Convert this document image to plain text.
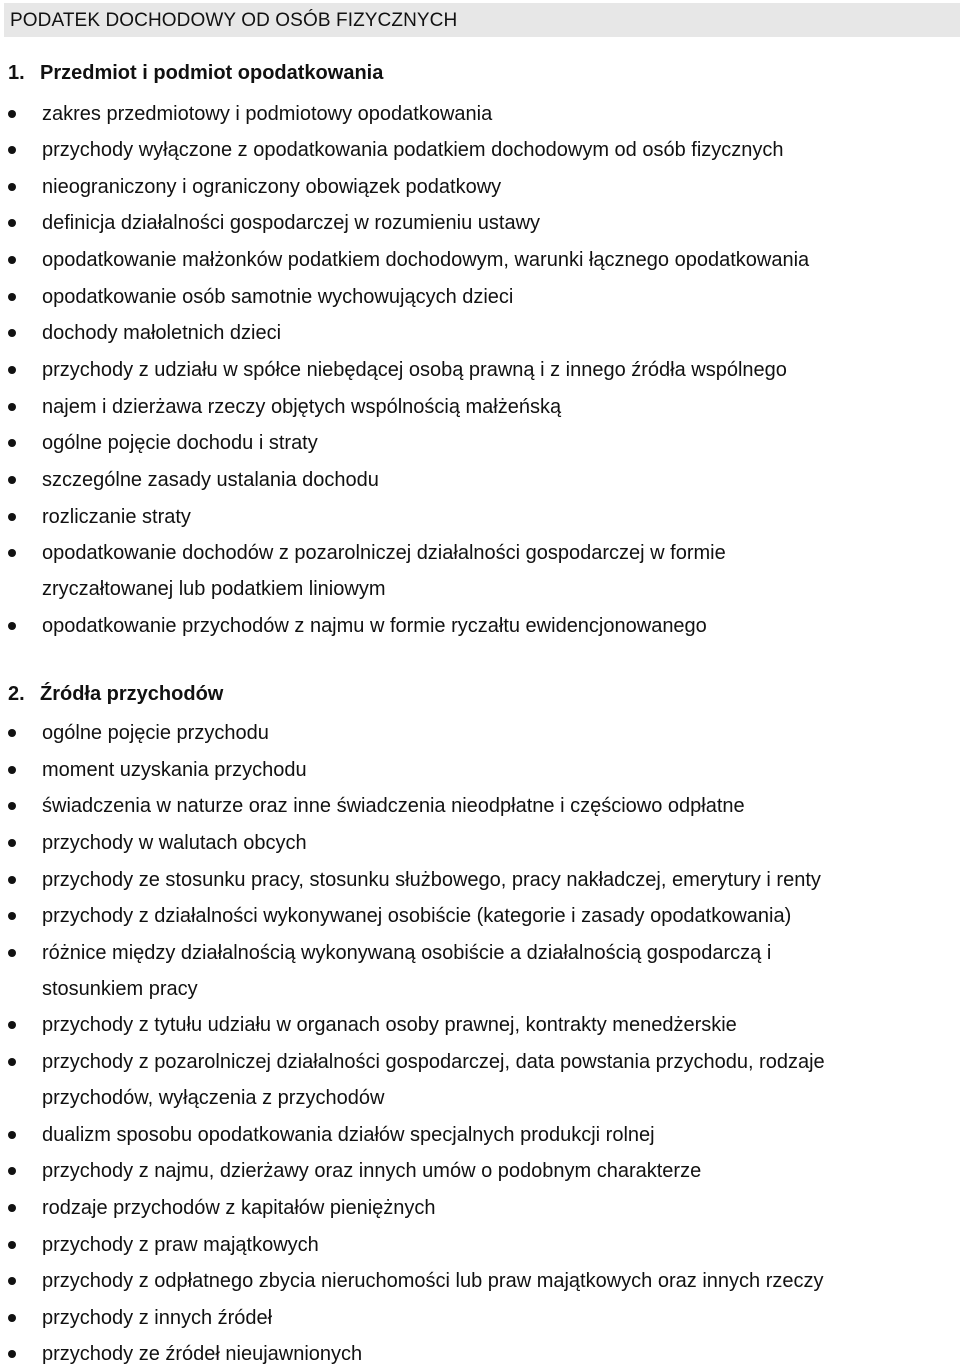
PODATEK DOCHODOWY OD OSÓB FIZYCZNYCH
1. Przedmiot i podmiot opodatkowania
zakres przedmiotowy i podmiotowy opodatkowania
przychody wyłączone z opodatkowania podatkiem dochodowym od osób fizycznych
nieograniczony i ograniczony obowiązek podatkowy
definicja działalności gospodarczej w rozumieniu ustawy
opodatkowanie małżonków podatkiem dochodowym, warunki łącznego opodatkowania
opodatkowanie osób samotnie wychowujących dzieci
dochody małoletnich dzieci
przychody z udziału w spółce niebędącej osobą prawną i z innego źródła wspólnego
najem i dzierżawa rzeczy objętych wspólnością małżeńską
ogólne pojęcie dochodu i straty
szczególne zasady ustalania dochodu
rozliczanie straty
opodatkowanie dochodów z pozarolniczej działalności gospodarczej w formie
zryczałtowanej lub podatkiem liniowym
opodatkowanie przychodów z najmu w formie ryczałtu ewidencjonowanego
2. Źródła przychodów
ogólne pojęcie przychodu
moment uzyskania przychodu
świadczenia w naturze oraz inne świadczenia nieodpłatne i częściowo odpłatne
przychody w walutach obcych
przychody ze stosunku pracy, stosunku służbowego, pracy nakładczej, emerytury i renty
przychody z działalności wykonywanej osobiście (kategorie i zasady opodatkowania)
różnice między działalnością wykonywaną osobiście a działalnością gospodarczą i
stosunkiem pracy
przychody z tytułu udziału w organach osoby prawnej, kontrakty menedżerskie
przychody z pozarolniczej działalności gospodarczej, data powstania przychodu, rodzaje
przychodów, wyłączenia z przychodów
dualizm sposobu opodatkowania działów specjalnych produkcji rolnej
przychody z najmu, dzierżawy oraz innych umów o podobnym charakterze
rodzaje przychodów z kapitałów pieniężnych
przychody z praw majątkowych
przychody z odpłatnego zbycia nieruchomości lub praw majątkowych oraz innych rzeczy
przychody z innych źródeł
przychody ze źródeł nieujawnionych
